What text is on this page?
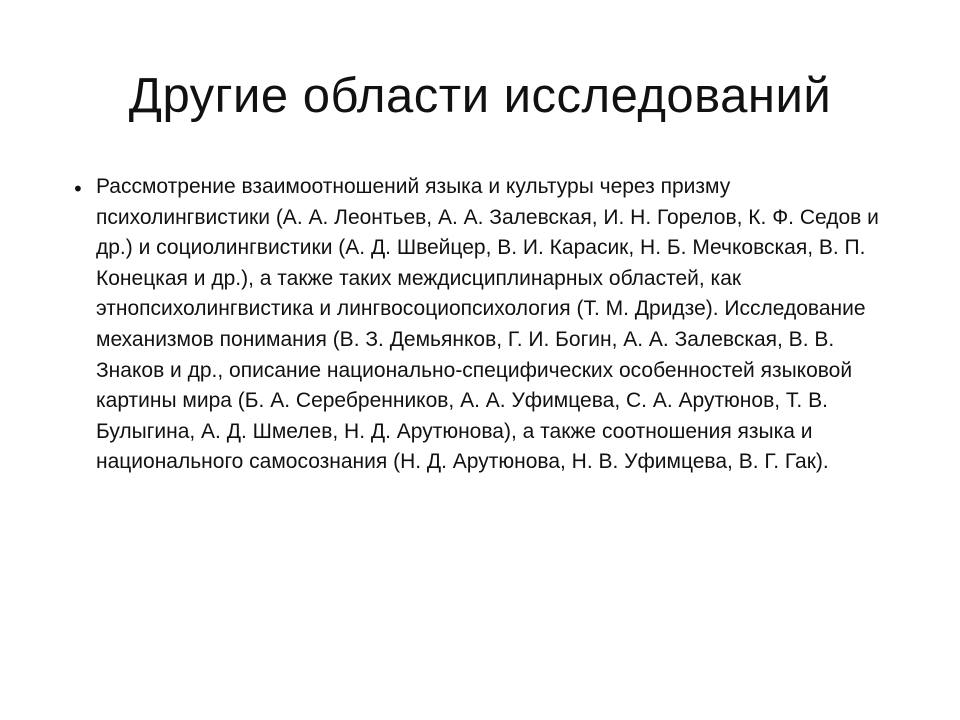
Другие области исследований
• Рассмотрение взаимоотношений языка и культуры через призму психолингвистики (А. А. Леонтьев, А. А. Залевская, И. Н. Горелов, К. Ф. Седов и др.) и социолингвистики (А. Д. Швейцер, В. И. Карасик, Н. Б. Мечковская, В. П. Конецкая и др.), а также таких междисциплинарных областей, как этнопсихолингвистика и лингвосоциопсихология (Т. М. Дридзе). Исследование механизмов понимания (В. З. Демьянков, Г. И. Богин, А. А. Залевская, В. В. Знаков и др., описание национально-специфических особенностей языковой картины мира (Б. А. Серебренников, А. А. Уфимцева, С. А. Арутюнов, Т. В. Булыгина, А. Д. Шмелев, Н. Д. Арутюнова), а также соотношения языка и национального самосознания (Н. Д. Арутюнова, Н. В. Уфимцева, В. Г. Гак).
